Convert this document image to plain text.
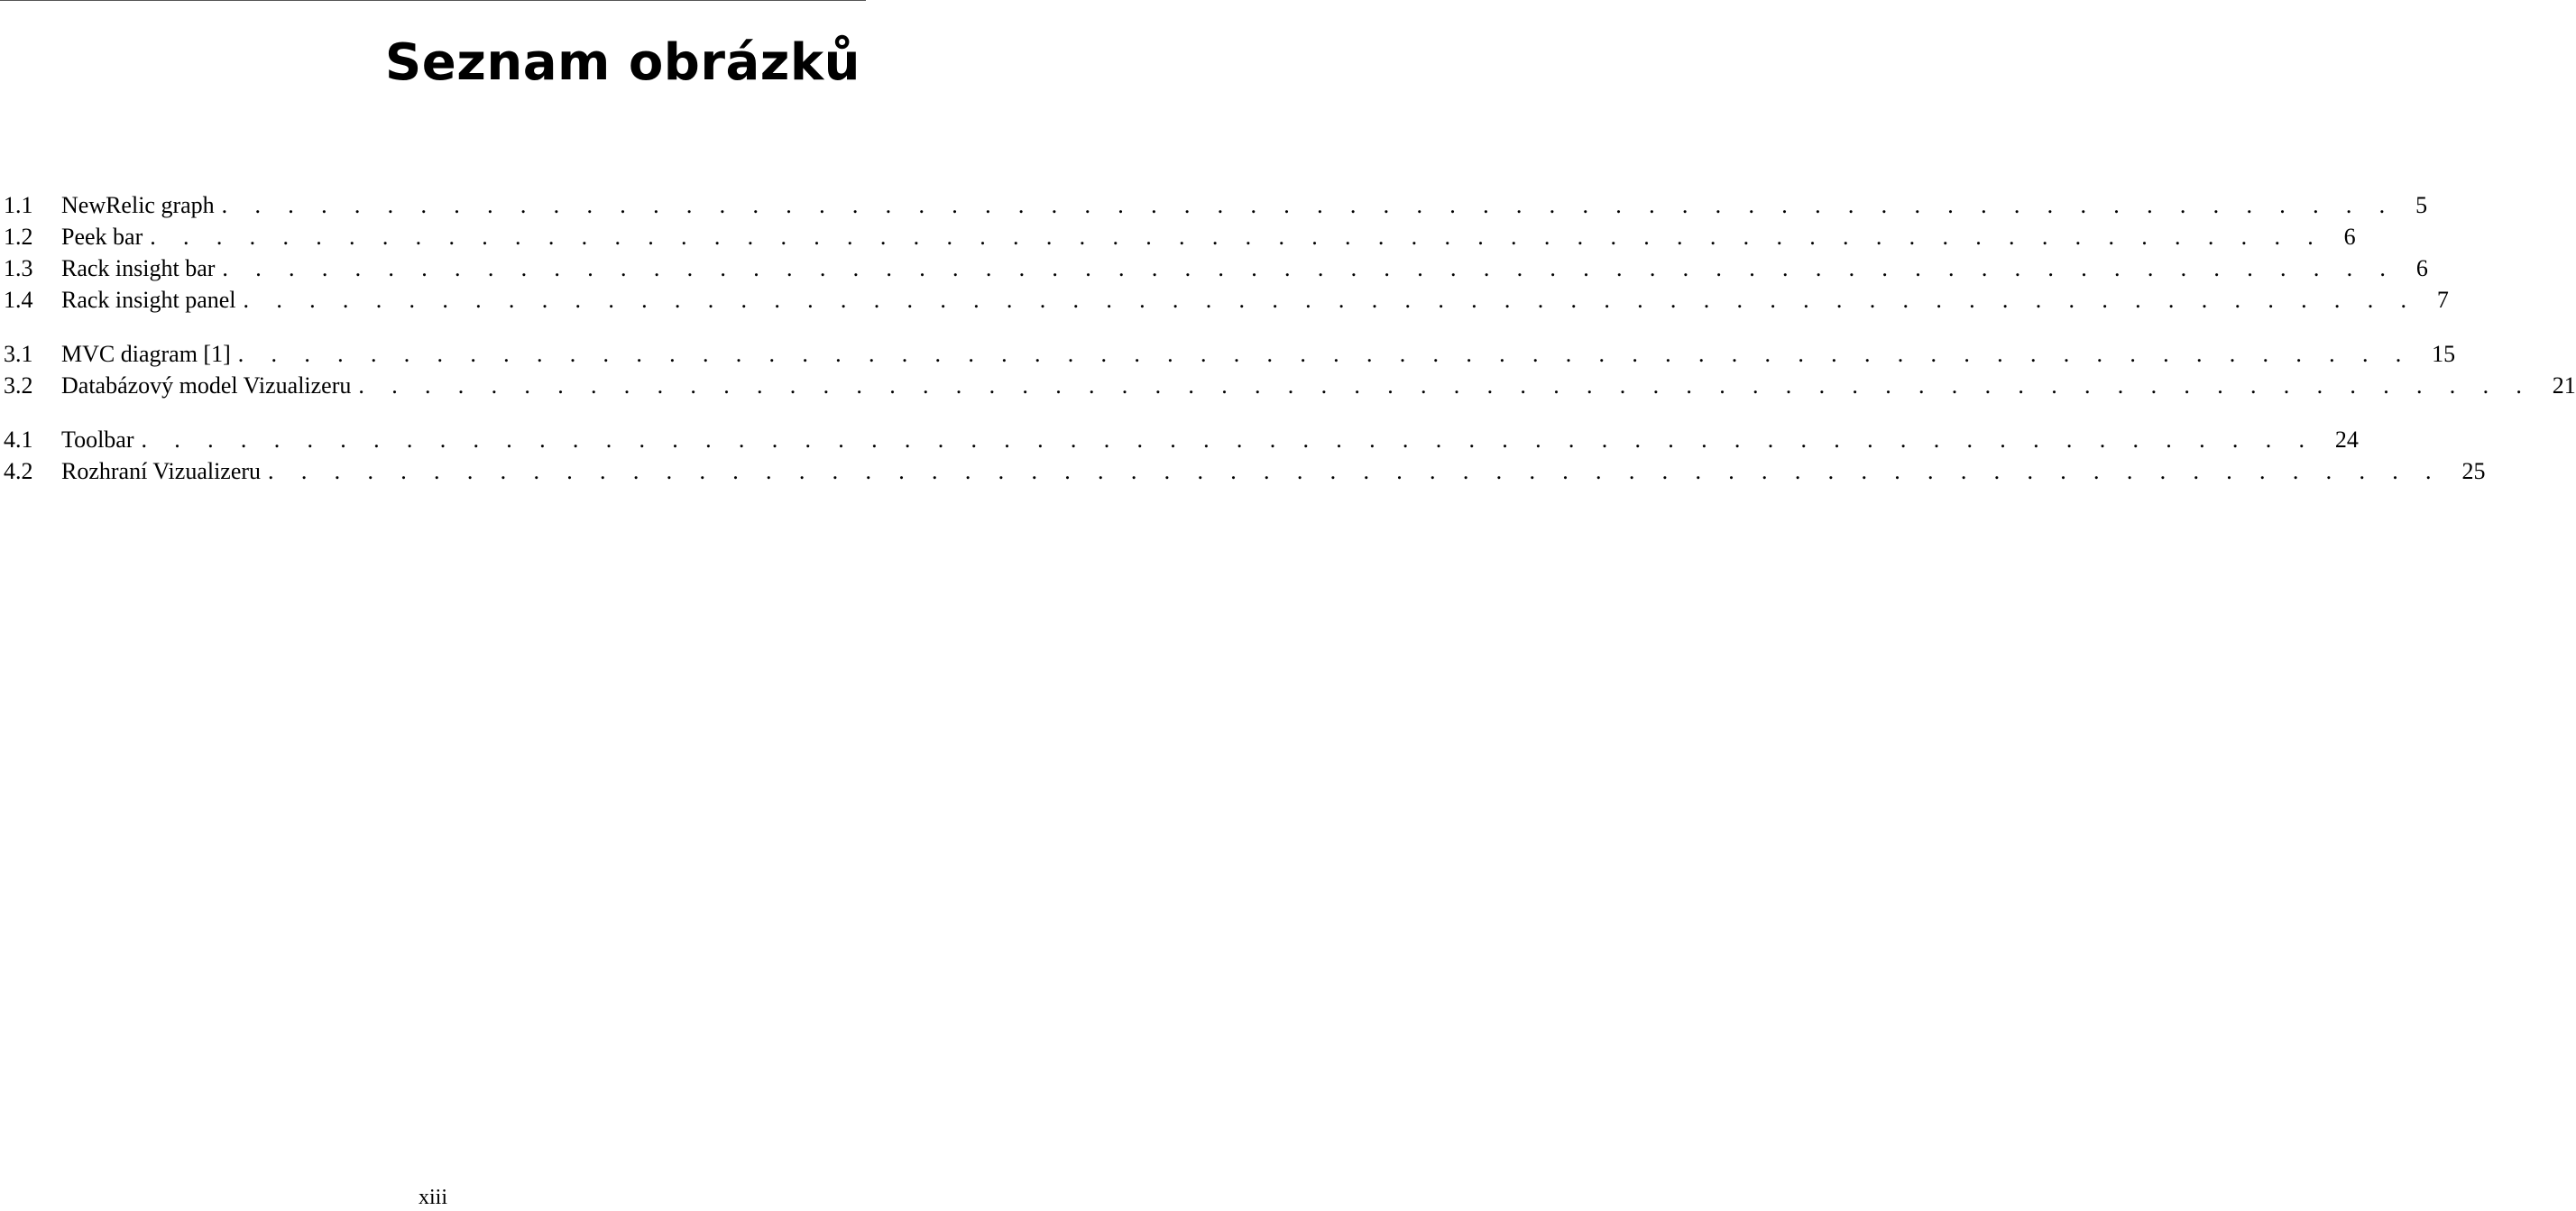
Seznam obrázků
1.1	NewRelic graph . . . . . . . . . . . . . . . . . . . . . . . . . . . . . . . . . . . . . . . . . . . . . . . . . . . . . . . . . . . . . . . . . . 5
1.2	Peek bar . . . . . . . . . . . . . . . . . . . . . . . . . . . . . . . . . . . . . . . . . . . . . . . . . . . . . . . . . . . . . . . . . . 6
1.3	Rack insight bar . . . . . . . . . . . . . . . . . . . . . . . . . . . . . . . . . . . . . . . . . . . . . . . . . . . . . . . . . . . . . . . . . . 6
1.4	Rack insight panel . . . . . . . . . . . . . . . . . . . . . . . . . . . . . . . . . . . . . . . . . . . . . . . . . . . . . . . . . . . . . . . . . . 7
3.1	MVC diagram [1] . . . . . . . . . . . . . . . . . . . . . . . . . . . . . . . . . . . . . . . . . . . . . . . . . . . . . . . . . . . . . . . . . . 15
3.2	Databázový model Vizualizeru . . . . . . . . . . . . . . . . . . . . . . . . . . . . . . . . . . . . . . . . . . . . . . . . . . . . . . . . . . . . . . . . . . 21
4.1	Toolbar . . . . . . . . . . . . . . . . . . . . . . . . . . . . . . . . . . . . . . . . . . . . . . . . . . . . . . . . . . . . . . . . . . 24
4.2	Rozhraní Vizualizeru . . . . . . . . . . . . . . . . . . . . . . . . . . . . . . . . . . . . . . . . . . . . . . . . . . . . . . . . . . . . . . . . . . 25
xiii
